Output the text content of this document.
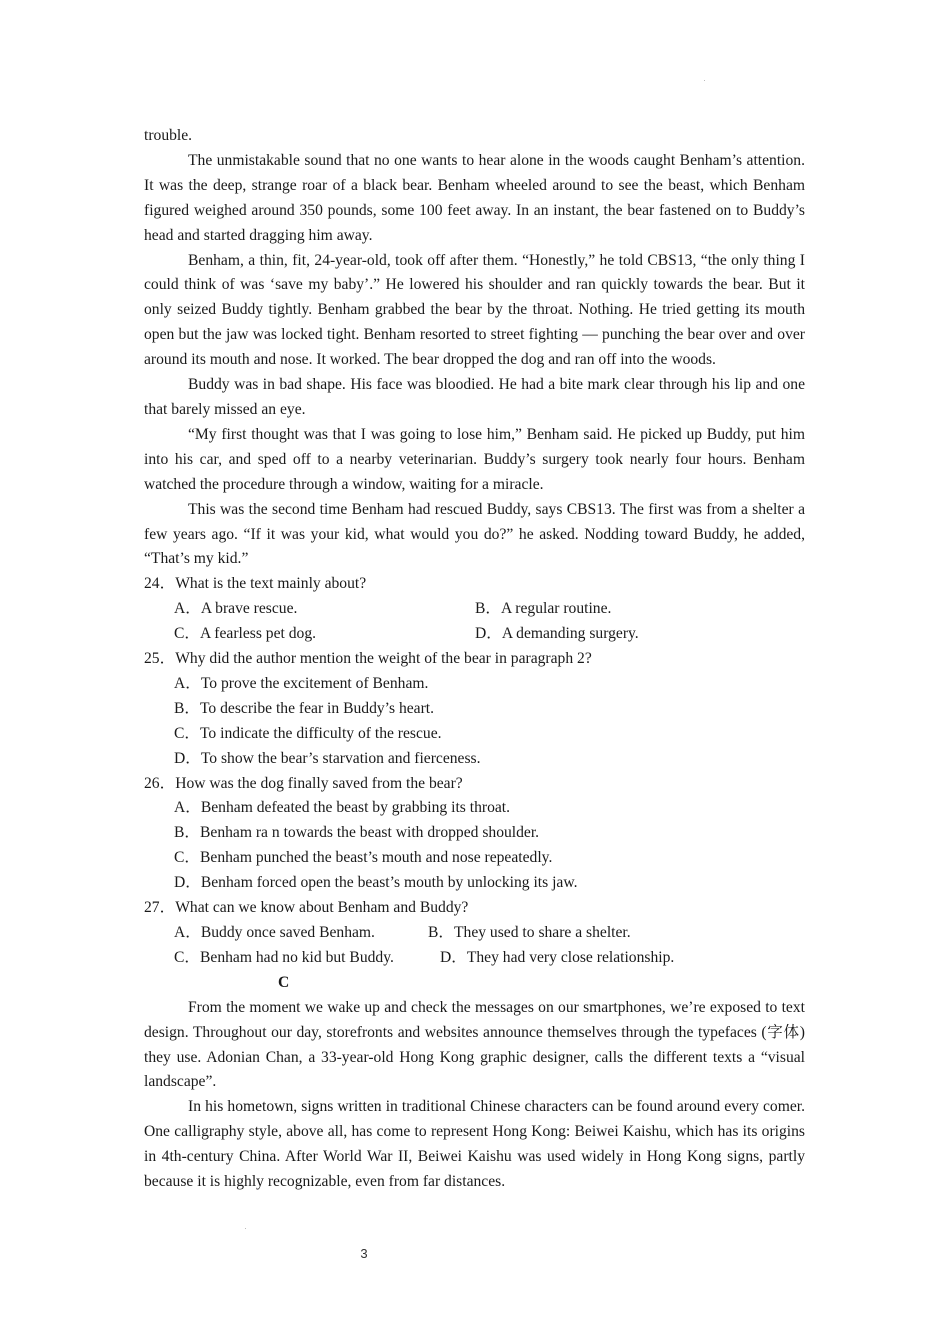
trouble.

The unmistakable sound that no one wants to hear alone in the woods caught Benham’s attention. It was the deep, strange roar of a black bear. Benham wheeled around to see the beast, which Benham figured weighed around 350 pounds, some 100 feet away. In an instant, the bear fastened on to Buddy’s head and started dragging him away.

Benham, a thin, fit, 24-year-old, took off after them. “Honestly,” he told CBS13, “the only thing I could think of was ‘save my baby’.” He lowered his shoulder and ran quickly towards the bear. But it only seized Buddy tightly. Benham grabbed the bear by the throat. Nothing. He tried getting its mouth open but the jaw was locked tight. Benham resorted to street fighting — punching the bear over and over around its mouth and nose. It worked. The bear dropped the dog and ran off into the woods.

Buddy was in bad shape. His face was bloodied. He had a bite mark clear through his lip and one that barely missed an eye.

“My first thought was that I was going to lose him,” Benham said. He picked up Buddy, put him into his car, and sped off to a nearby veterinarian. Buddy’s surgery took nearly four hours. Benham watched the procedure through a window, waiting for a miracle.

This was the second time Benham had rescued Buddy, says CBS13. The first was from a shelter a few years ago. “If it was your kid, what would you do?” he asked. Nodding toward Buddy, he added, “That’s my kid.”

24．What is the text mainly about?
A．A brave rescue.	B．A regular routine.
C．A fearless pet dog.	D．A demanding surgery.
25．Why did the author mention the weight of the bear in paragraph 2?
A．To prove the excitement of Benham.
B．To describe the fear in Buddy’s heart.
C．To indicate the difficulty of the rescue.
D．To show the bear’s starvation and fierceness.
26．How was the dog finally saved from the bear?
A．Benham defeated the beast by grabbing its throat.
B．Benham ra n towards the beast with dropped shoulder.
C．Benham punched the beast’s mouth and nose repeatedly.
D．Benham forced open the beast’s mouth by unlocking its jaw.
27．What can we know about Benham and Buddy?
A．Buddy once saved Benham.	B．They used to share a shelter.
C．Benham had no kid but Buddy.	D．They had very close relationship.
C

From the moment we wake up and check the messages on our smartphones, we’re exposed to text design. Throughout our day, storefronts and websites announce themselves through the typefaces (字体) they use. Adonian Chan, a 33-year-old Hong Kong graphic designer, calls the different texts a “visual landscape”.

In his hometown, signs written in traditional Chinese characters can be found around every comer. One calligraphy style, above all, has come to represent Hong Kong: Beiwei Kaishu, which has its origins in 4th-century China. After World War II, Beiwei Kaishu was used widely in Hong Kong signs, partly because it is highly recognizable, even from far distances.

3
